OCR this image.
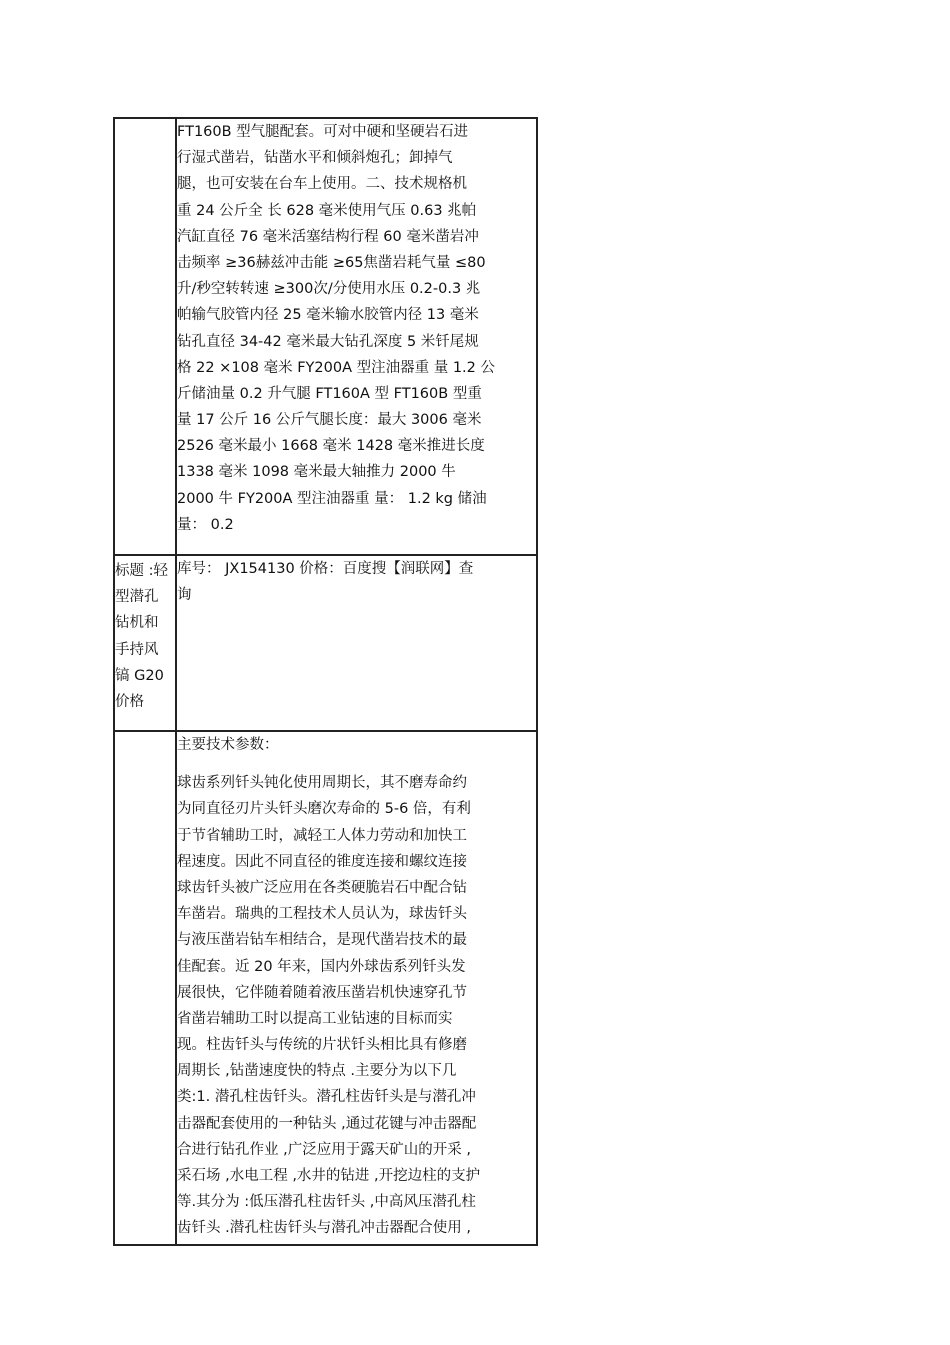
FT160B 型气腿配套。可对中硬和坚硬岩石进
行湿式凿岩，钻凿水平和倾斜炮孔；卸掉气
腿，也可安装在台车上使用。二、技术规格机
重 24 公斤全 长 628 毫米使用气压 0.63 兆帕
汽缸直径 76 毫米活塞结构行程 60 毫米凿岩冲
击频率 ≥36赫兹冲击能 ≥65焦凿岩耗气量 ≤80
升/秒空转转速 ≥300次/分使用水压 0.2-0.3 兆
帕输气胶管内径 25 毫米输水胶管内径 13 毫米
钻孔直径 34-42 毫米最大钻孔深度 5 米钎尾规
格 22 ×108 毫米 FY200A 型注油器重 量 1.2 公
斤储油量 0.2 升气腿 FT160A 型 FT160B 型重
量 17 公斤 16 公斤气腿长度：最大 3006 毫米
2526 毫米最小 1668 毫米 1428 毫米推进长度
1338 毫米 1098 毫米最大轴推力 2000 牛
2000 牛 FY200A 型注油器重 量： 1.2 kg 储油
量： 0.2
标题 :轻
型潜孔
钻机和
手持风
镐 G20
价格
库号： JX154130 价格：百度搜【润联网】查
询
主要技术参数：
球齿系列钎头钝化使用周期长，其不磨寿命约
为同直径刃片头钎头磨次寿命的 5-6 倍，有利
于节省辅助工时，减轻工人体力劳动和加快工
程速度。因此不同直径的锥度连接和螺纹连接
球齿钎头被广泛应用在各类硬脆岩石中配合钻
车凿岩。瑞典的工程技术人员认为，球齿钎头
与液压凿岩钻车相结合，是现代凿岩技术的最
佳配套。近 20 年来，国内外球齿系列钎头发
展很快，它伴随着随着液压凿岩机快速穿孔节
省凿岩辅助工时以提高工业钻速的目标而实
现。柱齿钎头与传统的片状钎头相比具有修磨
周期长 ,钻凿速度快的特点 .主要分为以下几
类:1. 潜孔柱齿钎头。潜孔柱齿钎头是与潜孔冲
击器配套使用的一种钻头 ,通过花键与冲击器配
合进行钻孔作业 ,广泛应用于露天矿山的开采 ,
采石场 ,水电工程 ,水井的钻进 ,开挖边柱的支护
等.其分为 :低压潜孔柱齿钎头 ,中高风压潜孔柱
齿钎头 .潜孔柱齿钎头与潜孔冲击器配合使用 ,
